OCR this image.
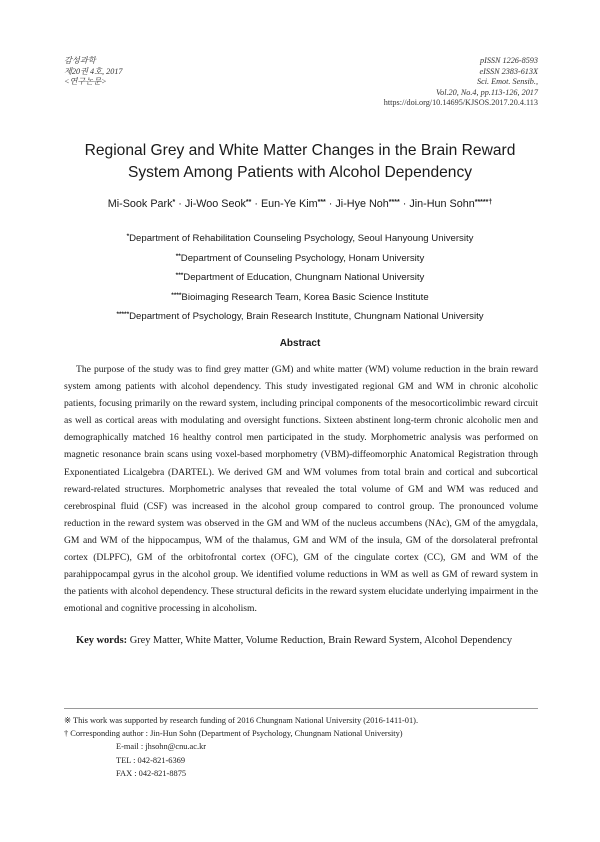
감성과학
제20권 4호, 2017
<연구논문>
pISSN 1226-8593
eISSN 2383-613X
Sci. Emot. Sensib.,
Vol.20, No.4, pp.113-126, 2017
https://doi.org/10.14695/KJSOS.2017.20.4.113
Regional Grey and White Matter Changes in the Brain Reward
System Among Patients with Alcohol Dependency
Mi-Sook Park* · Ji-Woo Seok** · Eun-Ye Kim*** · Ji-Hye Noh**** · Jin-Hun Sohn*****†
*Department of Rehabilitation Counseling Psychology, Seoul Hanyoung University
**Department of Counseling Psychology, Honam University
***Department of Education, Chungnam National University
****Bioimaging Research Team, Korea Basic Science Institute
*****Department of Psychology, Brain Research Institute, Chungnam National University
Abstract

The purpose of the study was to find grey matter (GM) and white matter (WM) volume reduction in the brain reward system among patients with alcohol dependency. This study investigated regional GM and WM in chronic alcoholic patients, focusing primarily on the reward system, including principal components of the mesocorticolimbic reward circuit as well as cortical areas with modulating and oversight functions. Sixteen abstinent long-term chronic alcoholic men and demographically matched 16 healthy control men participated in the study. Morphometric analysis was performed on magnetic resonance brain scans using voxel-based morphometry (VBM)-diffeomorphic Anatomical Registration through Exponentiated Licalgebra (DARTEL). We derived GM and WM volumes from total brain and cortical and subcortical reward-related structures. Morphometric analyses that revealed the total volume of GM and WM was reduced and cerebrospinal fluid (CSF) was increased in the alcohol group compared to control group. The pronounced volume reduction in the reward system was observed in the GM and WM of the nucleus accumbens (NAc), GM of the amygdala, GM and WM of the hippocampus, WM of the thalamus, GM and WM of the insula, GM of the dorsolateral prefrontal cortex (DLPFC), GM of the orbitofrontal cortex (OFC), GM of the cingulate cortex (CC), GM and WM of the parahippocampal gyrus in the alcohol group. We identified volume reductions in WM as well as GM of reward system in the patients with alcohol dependency. These structural deficits in the reward system elucidate underlying impairment in the emotional and cognitive processing in alcoholism.

Key words: Grey Matter, White Matter, Volume Reduction, Brain Reward System, Alcohol Dependency
※ This work was supported by research funding of 2016 Chungnam National University (2016-1411-01).
† Corresponding author : Jin-Hun Sohn (Department of Psychology, Chungnam National University)
E-mail : jhsohn@cnu.ac.kr
TEL : 042-821-6369
FAX : 042-821-8875
